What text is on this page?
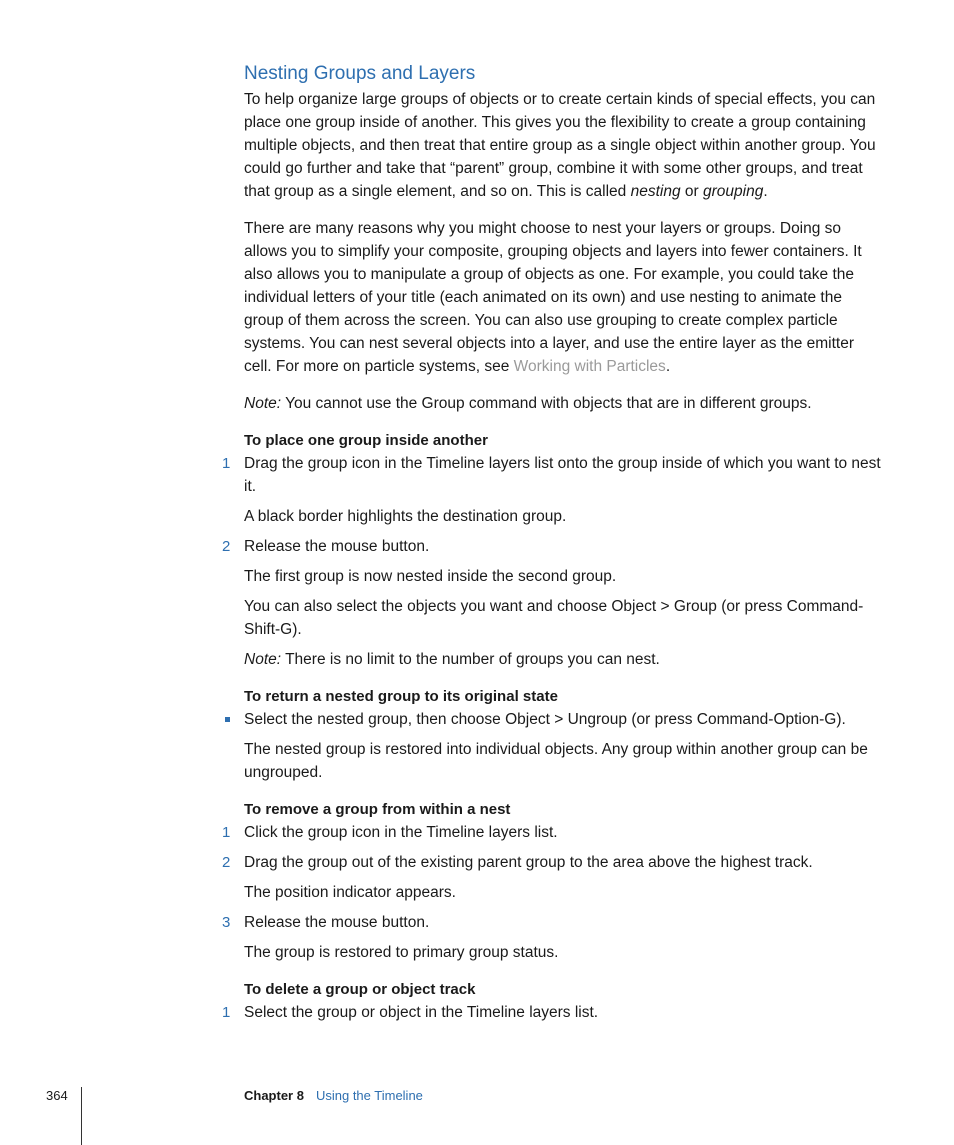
Nesting Groups and Layers

To help organize large groups of objects or to create certain kinds of special effects, you can place one group inside of another. This gives you the flexibility to create a group containing multiple objects, and then treat that entire group as a single object within another group. You could go further and take that “parent” group, combine it with some other groups, and treat that group as a single element, and so on. This is called nesting or grouping.

There are many reasons why you might choose to nest your layers or groups. Doing so allows you to simplify your composite, grouping objects and layers into fewer containers. It also allows you to manipulate a group of objects as one. For example, you could take the individual letters of your title (each animated on its own) and use nesting to animate the group of them across the screen. You can also use grouping to create complex particle systems. You can nest several objects into a layer, and use the entire layer as the emitter cell. For more on particle systems, see Working with Particles.

Note: You cannot use the Group command with objects that are in different groups.

To place one group inside another

1 Drag the group icon in the Timeline layers list onto the group inside of which you want to nest it.

A black border highlights the destination group.

2 Release the mouse button.

The first group is now nested inside the second group.

You can also select the objects you want and choose Object > Group (or press Command-Shift-G).

Note: There is no limit to the number of groups you can nest.

To return a nested group to its original state

Select the nested group, then choose Object > Ungroup (or press Command-Option-G).

The nested group is restored into individual objects. Any group within another group can be ungrouped.

To remove a group from within a nest

1 Click the group icon in the Timeline layers list.

2 Drag the group out of the existing parent group to the area above the highest track.

The position indicator appears.

3 Release the mouse button.

The group is restored to primary group status.

To delete a group or object track

1 Select the group or object in the Timeline layers list.

364	Chapter 8 Using the Timeline
